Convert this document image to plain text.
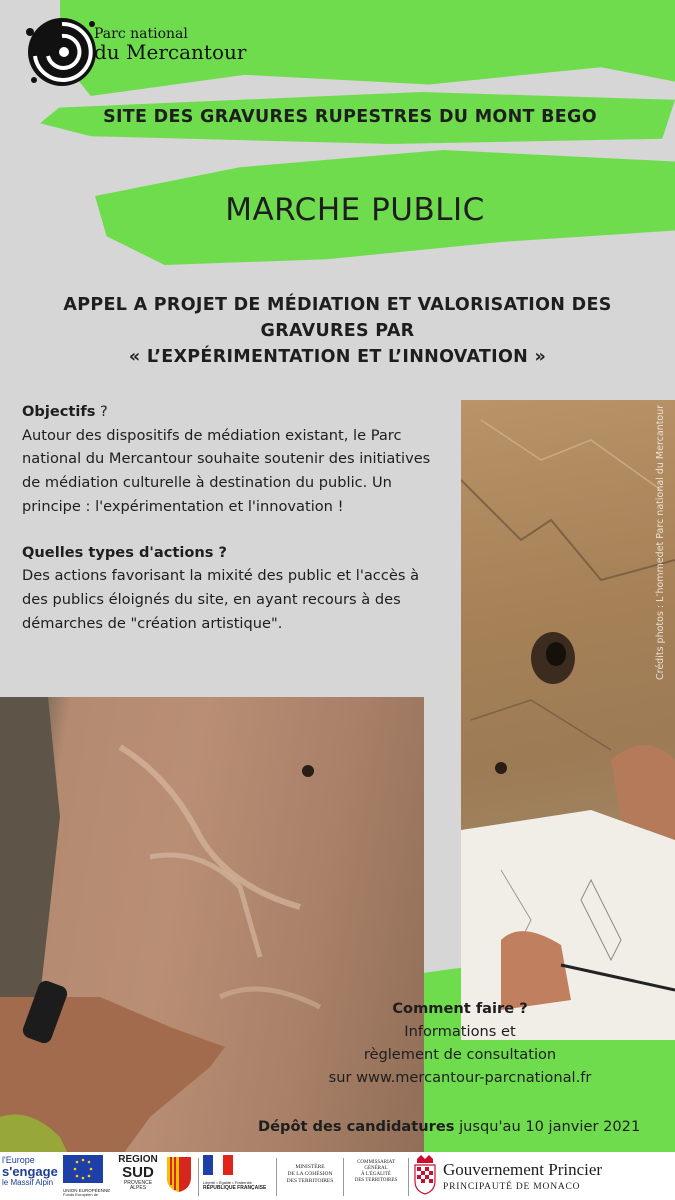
Parc national
du Mercantour
SITE DES GRAVURES RUPESTRES DU MONT BEGO
MARCHE PUBLIC
APPEL A PROJET DE MÉDIATION ET VALORISATION DES
GRAVURES PAR
« L’EXPÉRIMENTATION ET L’INNOVATION »
Objectifs ?
Autour des dispositifs de médiation existant, le Parc national du Mercantour souhaite soutenir des initiatives de médiation culturelle à destination du public. Un principe : l'expérimentation et l'innovation !
Quelles types d'actions ?
Des actions favorisant la mixité des public et l'accès à des publics éloignés du site, en ayant recours à des démarches de "création artistique".	Crédits photos : L’hommedet Parc national du Mercantour
Comment faire ?
Informations et
règlement de consultation
sur www.mercantour-parcnational.fr
Dépôt des candidatures jusqu'au 10 janvier 2021
l'Europe
s'engage
le Massif Alpin
UNION EUROPÉENNE
Fonds Européen de
REGION
SUD
PROVENCE
ALPES
Liberté • Égalité • Fraternité
RÉPUBLIQUE FRANÇAISE
MINISTÈRE
DE LA COHÉSION
DES TERRITOIRES
COMMISSARIAT
GÉNÉRAL
À L'ÉGALITÉ
DES TERRITOIRES
Gouvernement Princier
PRINCIPAUTÉ DE MONACO
